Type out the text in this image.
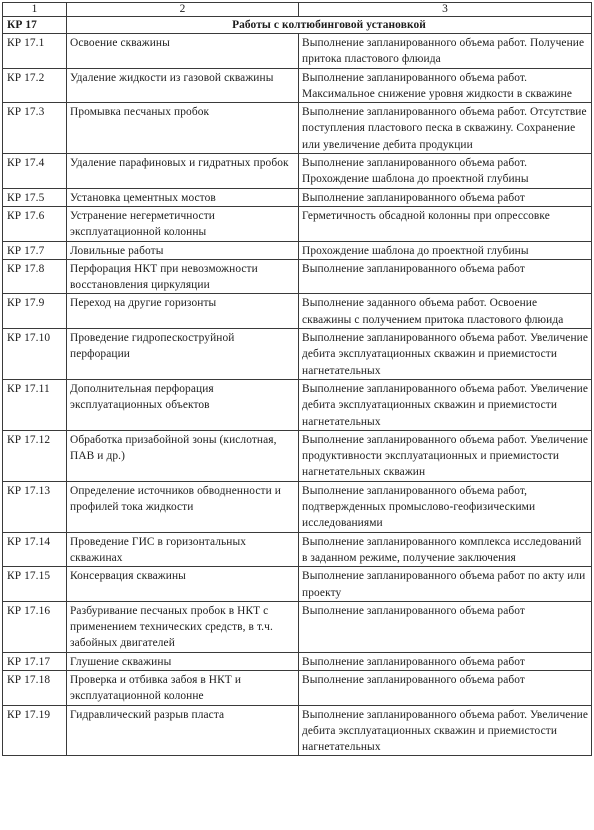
1	2	3
КР 17	Работы с колтюбинговой установкой	
КР 17.1	Освоение скважины	Выполнение запланированного объема работ. Получение притока пластового флюида
КР 17.2	Удаление жидкости из газовой скважины	Выполнение запланированного объема работ. Максимальное снижение уровня жидкости в скважине
КР 17.3	Промывка песчаных пробок	Выполнение запланированного объема работ. Отсутствие поступления пластового песка в скважину. Сохранение или увеличение дебита продукции
КР 17.4	Удаление парафиновых и гидратных пробок	Выполнение запланированного объема работ. Прохождение шаблона до проектной глубины
КР 17.5	Установка цементных мостов	Выполнение запланированного объема работ
КР 17.6	Устранение негерметичности эксплуатационной колонны	Герметичность обсадной колонны при опрессовке
КР 17.7	Ловильные работы	Прохождение шаблона до проектной глубины
КР 17.8	Перфорация НКТ при невозможности восстановления циркуляции	Выполнение запланированного объема работ
КР 17.9	Переход на другие горизонты	Выполнение заданного объема работ. Освоение скважины с получением притока пластового флюида
КР 17.10	Проведение гидропескоструйной перфорации	Выполнение запланированного объема работ. Увеличение дебита эксплуатационных скважин и приемистости нагнетательных
КР 17.11	Дополнительная перфорация эксплуатационных объектов	Выполнение запланированного объема работ. Увеличение дебита эксплуатационных скважин и приемистости нагнетательных
КР 17.12	Обработка призабойной зоны (кислотная, ПАВ и др.)	Выполнение запланированного объема работ. Увеличение продуктивности эксплуатационных и приемистости нагнетательных скважин
КР 17.13	Определение источников обводненности и профилей тока жидкости	Выполнение запланированного объема работ, подтвержденных промыслово-геофизическими исследованиями
КР 17.14	Проведение ГИС в горизонтальных скважинах	Выполнение запланированного комплекса исследований в заданном режиме, получение заключения
КР 17.15	Консервация скважины	Выполнение запланированного объема работ по акту или проекту
КР 17.16	Разбуривание песчаных пробок в НКТ с применением технических средств, в т.ч. забойных двигателей	Выполнение запланированного объема работ
КР 17.17	Глушение скважины	Выполнение запланированного объема работ
КР 17.18	Проверка и отбивка забоя в НКТ и эксплуатационной колонне	Выполнение запланированного объема работ
КР 17.19	Гидравлический разрыв пласта	Выполнение запланированного объема работ. Увеличение дебита эксплуатационных скважин и приемистости нагнетательных
